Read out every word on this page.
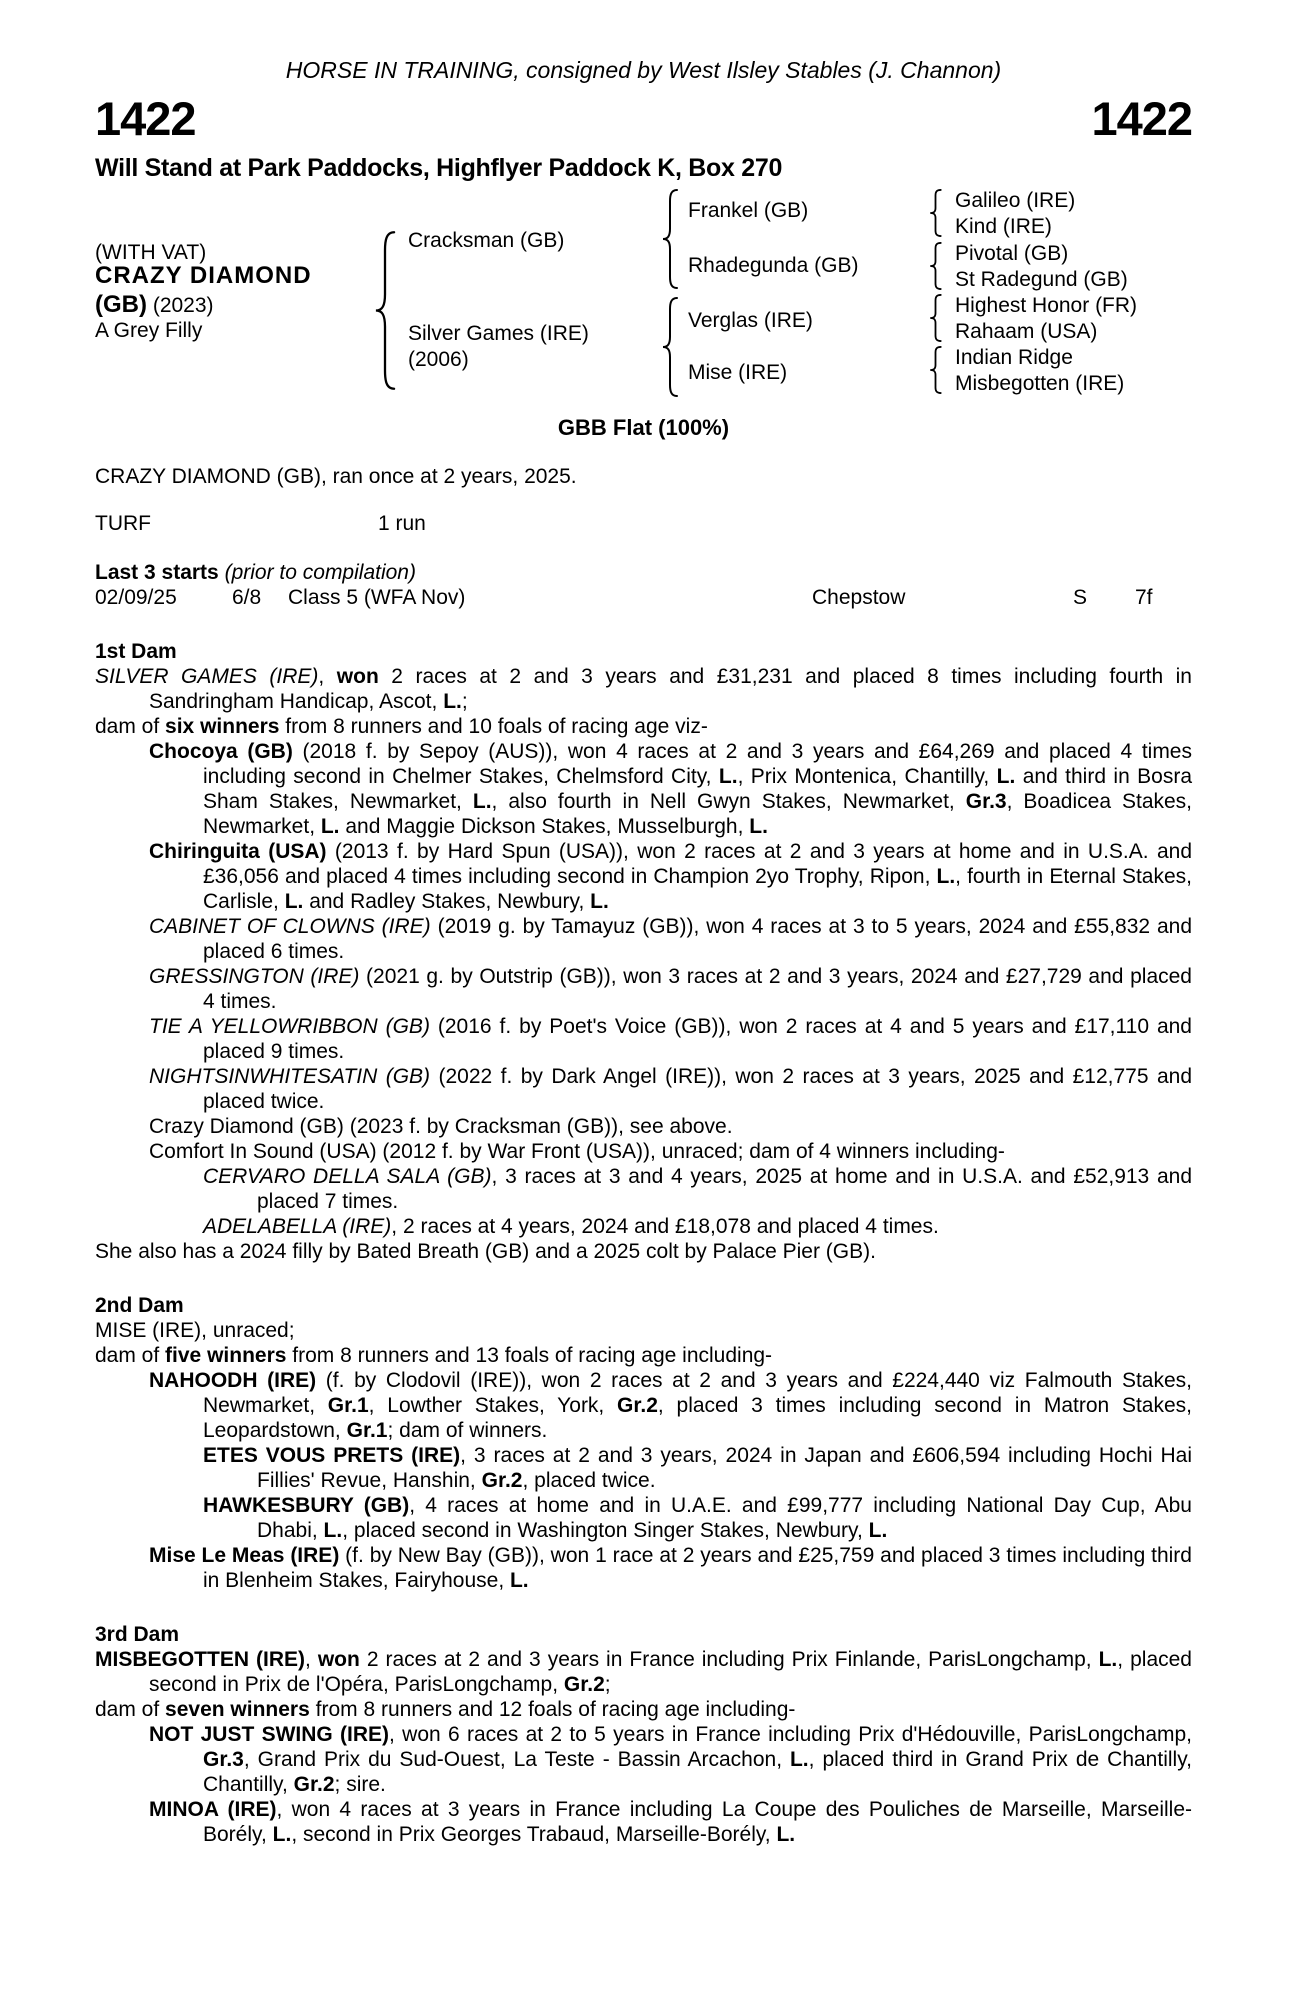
HORSE IN TRAINING, consigned by West Ilsley Stables (J. Channon)
1422	1422
Will Stand at Park Paddocks, Highflyer Paddock K, Box 270
(WITH VAT)
CRAZY DIAMOND
(GB) (2023)
A Grey Filly
Cracksman (GB)
Silver Games (IRE)
(2006)
Frankel (GB)
Rhadegunda (GB)
Verglas (IRE)
Mise (IRE)
Galileo (IRE)
Kind (IRE)
Pivotal (GB)
St Radegund (GB)
Highest Honor (FR)
Rahaam (USA)
Indian Ridge
Misbegotten (IRE)
GBB Flat (100%)
CRAZY DIAMOND (GB), ran once at 2 years, 2025.
TURF	1 run
Last 3 starts (prior to compilation)
02/09/25	6/8 Class 5 (WFA Nov)	Chepstow	S 7f
1st Dam

SILVER GAMES (IRE), won 2 races at 2 and 3 years and £31,231 and placed 8 times including fourth in Sandringham Handicap, Ascot, L.;

dam of six winners from 8 runners and 10 foals of racing age viz-

Chocoya (GB) (2018 f. by Sepoy (AUS)), won 4 races at 2 and 3 years and £64,269 and placed 4 times including second in Chelmer Stakes, Chelmsford City, L., Prix Montenica, Chantilly, L. and third in Bosra Sham Stakes, Newmarket, L., also fourth in Nell Gwyn Stakes, Newmarket, Gr.3, Boadicea Stakes, Newmarket, L. and Maggie Dickson Stakes, Musselburgh, L.

Chiringuita (USA) (2013 f. by Hard Spun (USA)), won 2 races at 2 and 3 years at home and in U.S.A. and £36,056 and placed 4 times including second in Champion 2yo Trophy, Ripon, L., fourth in Eternal Stakes, Carlisle, L. and Radley Stakes, Newbury, L.

CABINET OF CLOWNS (IRE) (2019 g. by Tamayuz (GB)), won 4 races at 3 to 5 years, 2024 and £55,832 and placed 6 times.

GRESSINGTON (IRE) (2021 g. by Outstrip (GB)), won 3 races at 2 and 3 years, 2024 and £27,729 and placed 4 times.

TIE A YELLOWRIBBON (GB) (2016 f. by Poet's Voice (GB)), won 2 races at 4 and 5 years and £17,110 and placed 9 times.

NIGHTSINWHITESATIN (GB) (2022 f. by Dark Angel (IRE)), won 2 races at 3 years, 2025 and £12,775 and placed twice.

Crazy Diamond (GB) (2023 f. by Cracksman (GB)), see above.

Comfort In Sound (USA) (2012 f. by War Front (USA)), unraced; dam of 4 winners including-

CERVARO DELLA SALA (GB), 3 races at 3 and 4 years, 2025 at home and in U.S.A. and £52,913 and placed 7 times.

ADELABELLA (IRE), 2 races at 4 years, 2024 and £18,078 and placed 4 times.

She also has a 2024 filly by Bated Breath (GB) and a 2025 colt by Palace Pier (GB).

2nd Dam

MISE (IRE), unraced;

dam of five winners from 8 runners and 13 foals of racing age including-

NAHOODH (IRE) (f. by Clodovil (IRE)), won 2 races at 2 and 3 years and £224,440 viz Falmouth Stakes, Newmarket, Gr.1, Lowther Stakes, York, Gr.2, placed 3 times including second in Matron Stakes, Leopardstown, Gr.1; dam of winners.

ETES VOUS PRETS (IRE), 3 races at 2 and 3 years, 2024 in Japan and £606,594 including Hochi Hai Fillies' Revue, Hanshin, Gr.2, placed twice.

HAWKESBURY (GB), 4 races at home and in U.A.E. and £99,777 including National Day Cup, Abu Dhabi, L., placed second in Washington Singer Stakes, Newbury, L.

Mise Le Meas (IRE) (f. by New Bay (GB)), won 1 race at 2 years and £25,759 and placed 3 times including third in Blenheim Stakes, Fairyhouse, L.

3rd Dam

MISBEGOTTEN (IRE), won 2 races at 2 and 3 years in France including Prix Finlande, ParisLongchamp, L., placed second in Prix de l'Opéra, ParisLongchamp, Gr.2;

dam of seven winners from 8 runners and 12 foals of racing age including-

NOT JUST SWING (IRE), won 6 races at 2 to 5 years in France including Prix d'Hédouville, ParisLongchamp, Gr.3, Grand Prix du Sud-Ouest, La Teste - Bassin Arcachon, L., placed third in Grand Prix de Chantilly, Chantilly, Gr.2; sire.

MINOA (IRE), won 4 races at 3 years in France including La Coupe des Pouliches de Marseille, Marseille-Borély, L., second in Prix Georges Trabaud, Marseille-Borély, L.
